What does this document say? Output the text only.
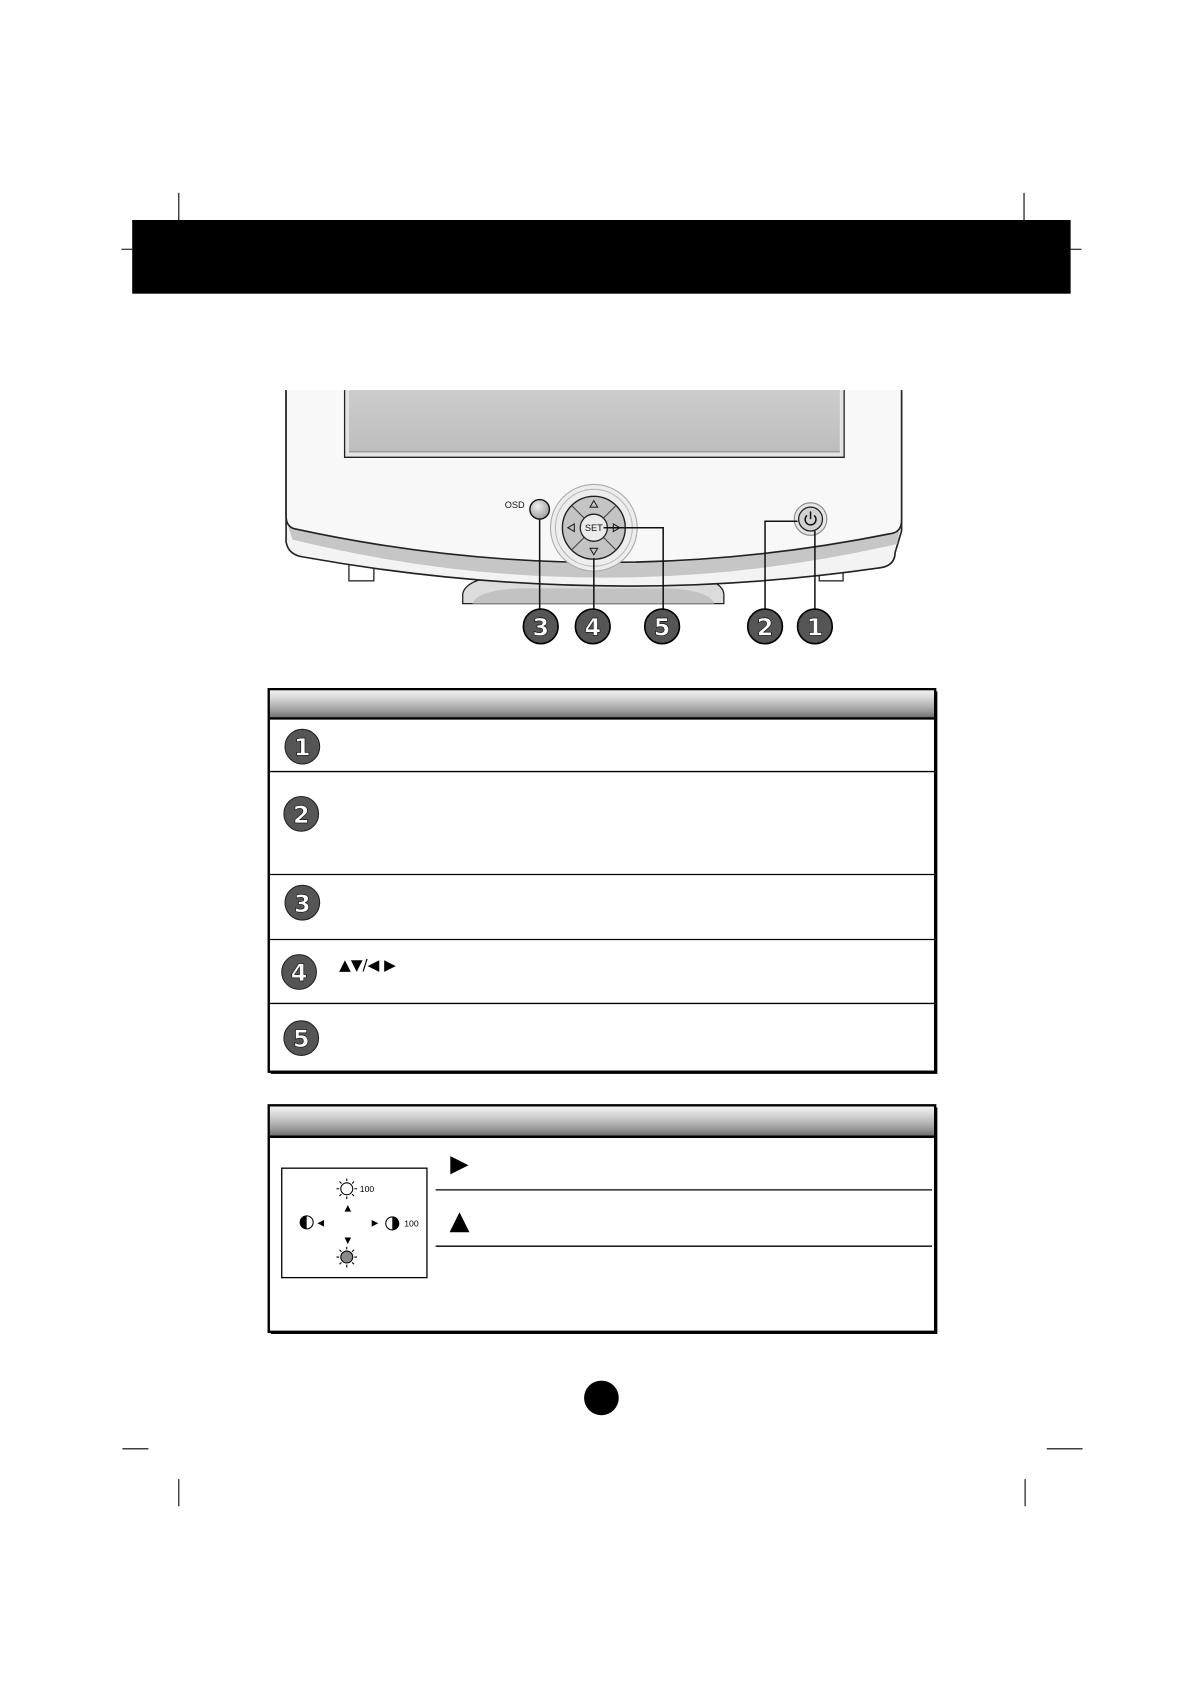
OSD
SET
3 4 5	2 1
1
2
3
4 ▲▼/◀ ▶
5
100
▲
◀	▶	100
▼
▶
▲
